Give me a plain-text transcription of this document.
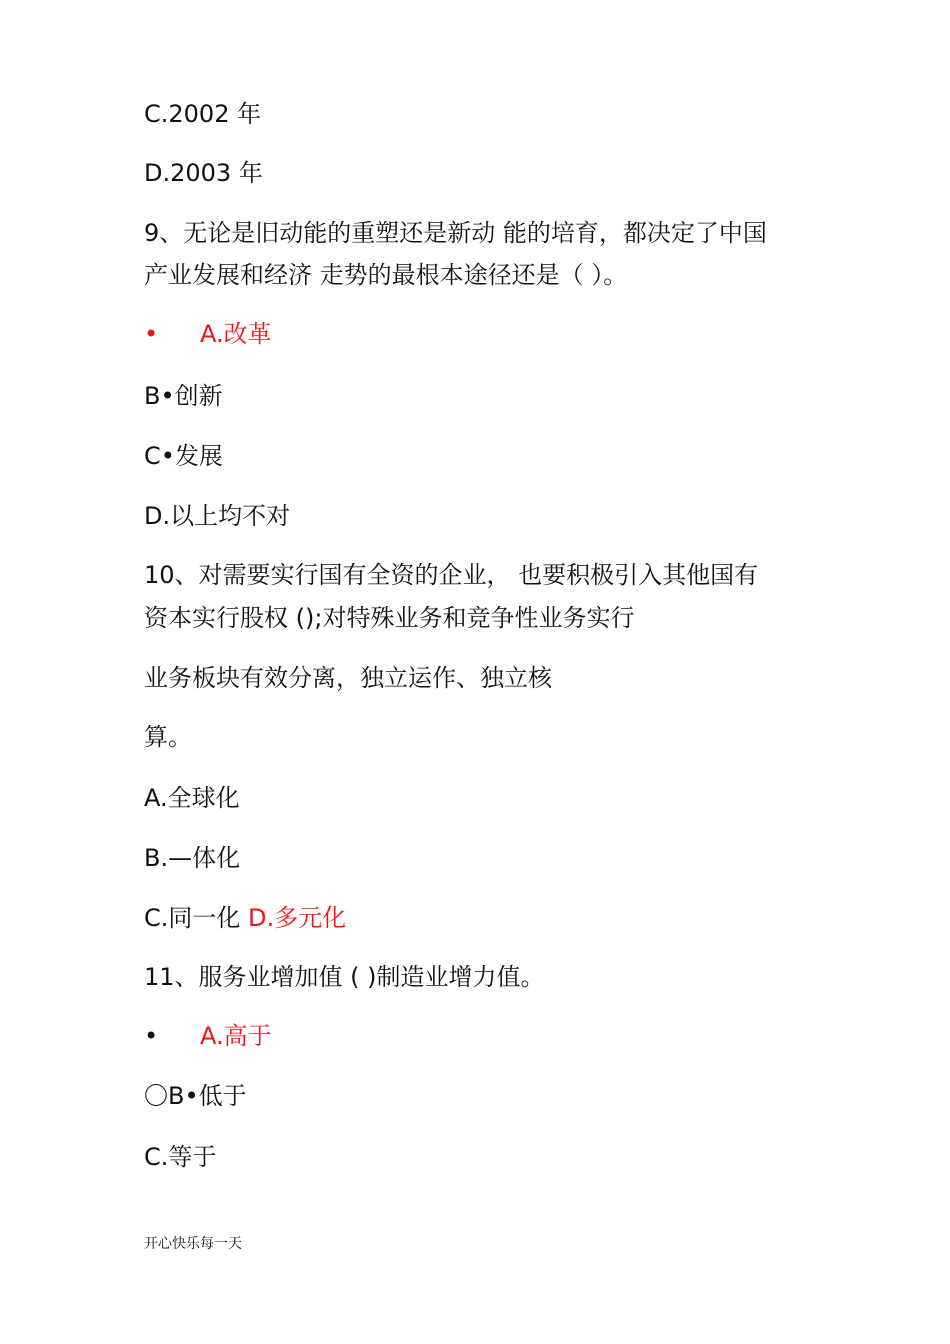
C.2002 年
D.2003 年
9、无论是旧动能的重塑还是新动 能的培育，都决定了中国
产业发展和经济 走势的最根本途径还是（ ）。
• A.改革
B•创新
C•发展
D.以上均不对
10、对需要实行国有全资的企业， 也要积极引入其他国有
资本实行股权 ();对特殊业务和竞争性业务实行
业务板块有效分离，独立运作、独立核
算。
A.全球化
B.—体化
C.同一化 D.多元化
11、服务业增加值 ( )制造业增力值。
• A.高于
〇B•低于
C.等于
开心快乐每一天
